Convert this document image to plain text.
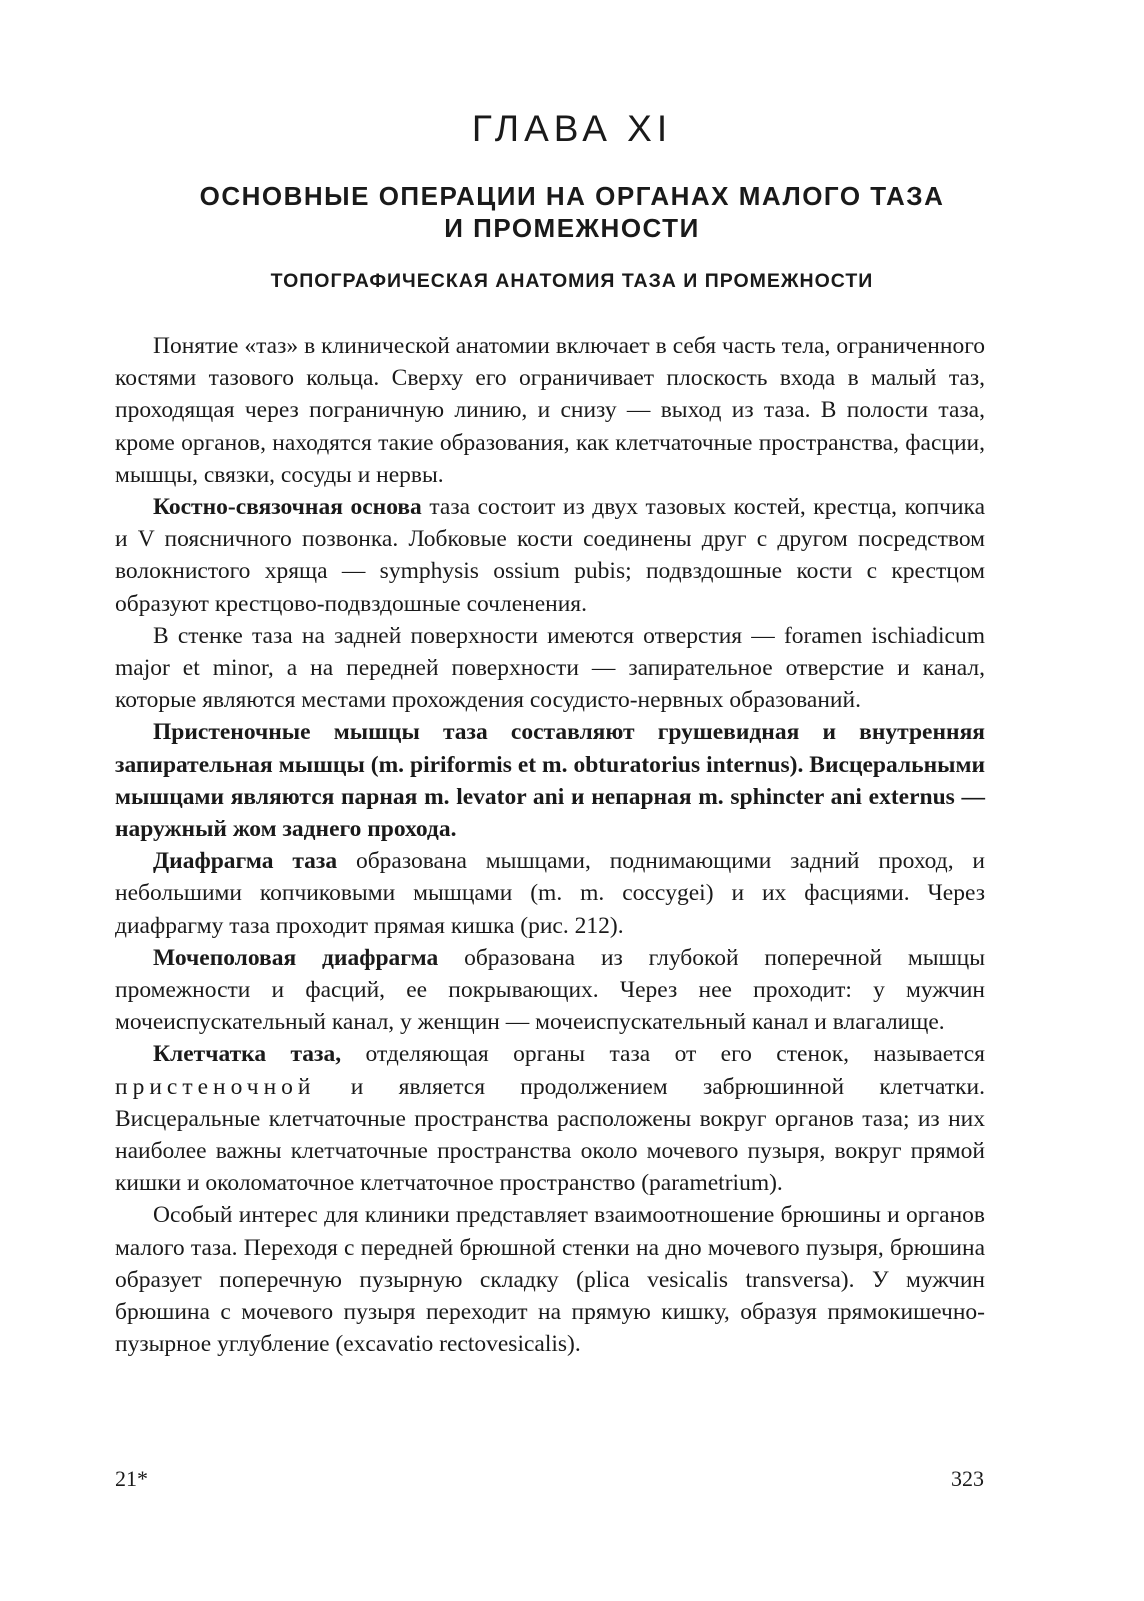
ГЛАВА XI
ОСНОВНЫЕ ОПЕРАЦИИ НА ОРГАНАХ МАЛОГО ТАЗА
И ПРОМЕЖНОСТИ
ТОПОГРАФИЧЕСКАЯ АНАТОМИЯ ТАЗА И ПРОМЕЖНОСТИ

Понятие «таз» в клинической анатомии включает в себя часть тела, ограниченного костями тазового кольца. Сверху его ограничивает плоскость входа в малый таз, проходящая через пограничную линию, и снизу — выход из таза. В полости таза, кроме органов, находятся такие образования, как клетчаточные пространства, фасции, мышцы, связки, сосуды и нервы.

Костно-связочная основа таза состоит из двух тазовых костей, крестца, копчика и V поясничного позвонка. Лобковые кости соединены друг с другом посредством волокнистого хряща — symphysis ossium pubis; подвздошные кости с крестцом образуют крестцово-подвздошные сочленения.

В стенке таза на задней поверхности имеются отверстия — foramen ischiadicum major et minor, а на передней поверхности — запирательное отверстие и канал, которые являются местами прохождения сосудисто-нервных образований.

Пристеночные мышцы таза составляют грушевидная и внутренняя запирательная мышцы (m. piriformis et m. obturatorius internus). Висцеральными мышцами являются парная m. levator ani и непарная m. sphincter ani externus — наружный жом заднего прохода.

Диафрагма таза образована мышцами, поднимающими задний проход, и небольшими копчиковыми мышцами (m. m. coccygei) и их фасциями. Через диафрагму таза проходит прямая кишка (рис. 212).

Мочеполовая диафрагма образована из глубокой поперечной мышцы промежности и фасций, ее покрывающих. Через нее проходит: у мужчин мочеиспускательный канал, у женщин — мочеиспускательный канал и влагалище.

Клетчатка таза, отделяющая органы таза от его стенок, называется пристеночной и является продолжением забрюшинной клетчатки. Висцеральные клетчаточные пространства расположены вокруг органов таза; из них наиболее важны клетчаточные пространства около мочевого пузыря, вокруг прямой кишки и околоматочное клетчаточное пространство (parametrium).

Особый интерес для клиники представляет взаимоотношение брюшины и органов малого таза. Переходя с передней брюшной стенки на дно мочевого пузыря, брюшина образует поперечную пузырную складку (plica vesicalis transversa). У мужчин брюшина с мочевого пузыря переходит на прямую кишку, образуя прямокишечно-пузырное углубление (excavatio rectovesicalis).

21*	323
